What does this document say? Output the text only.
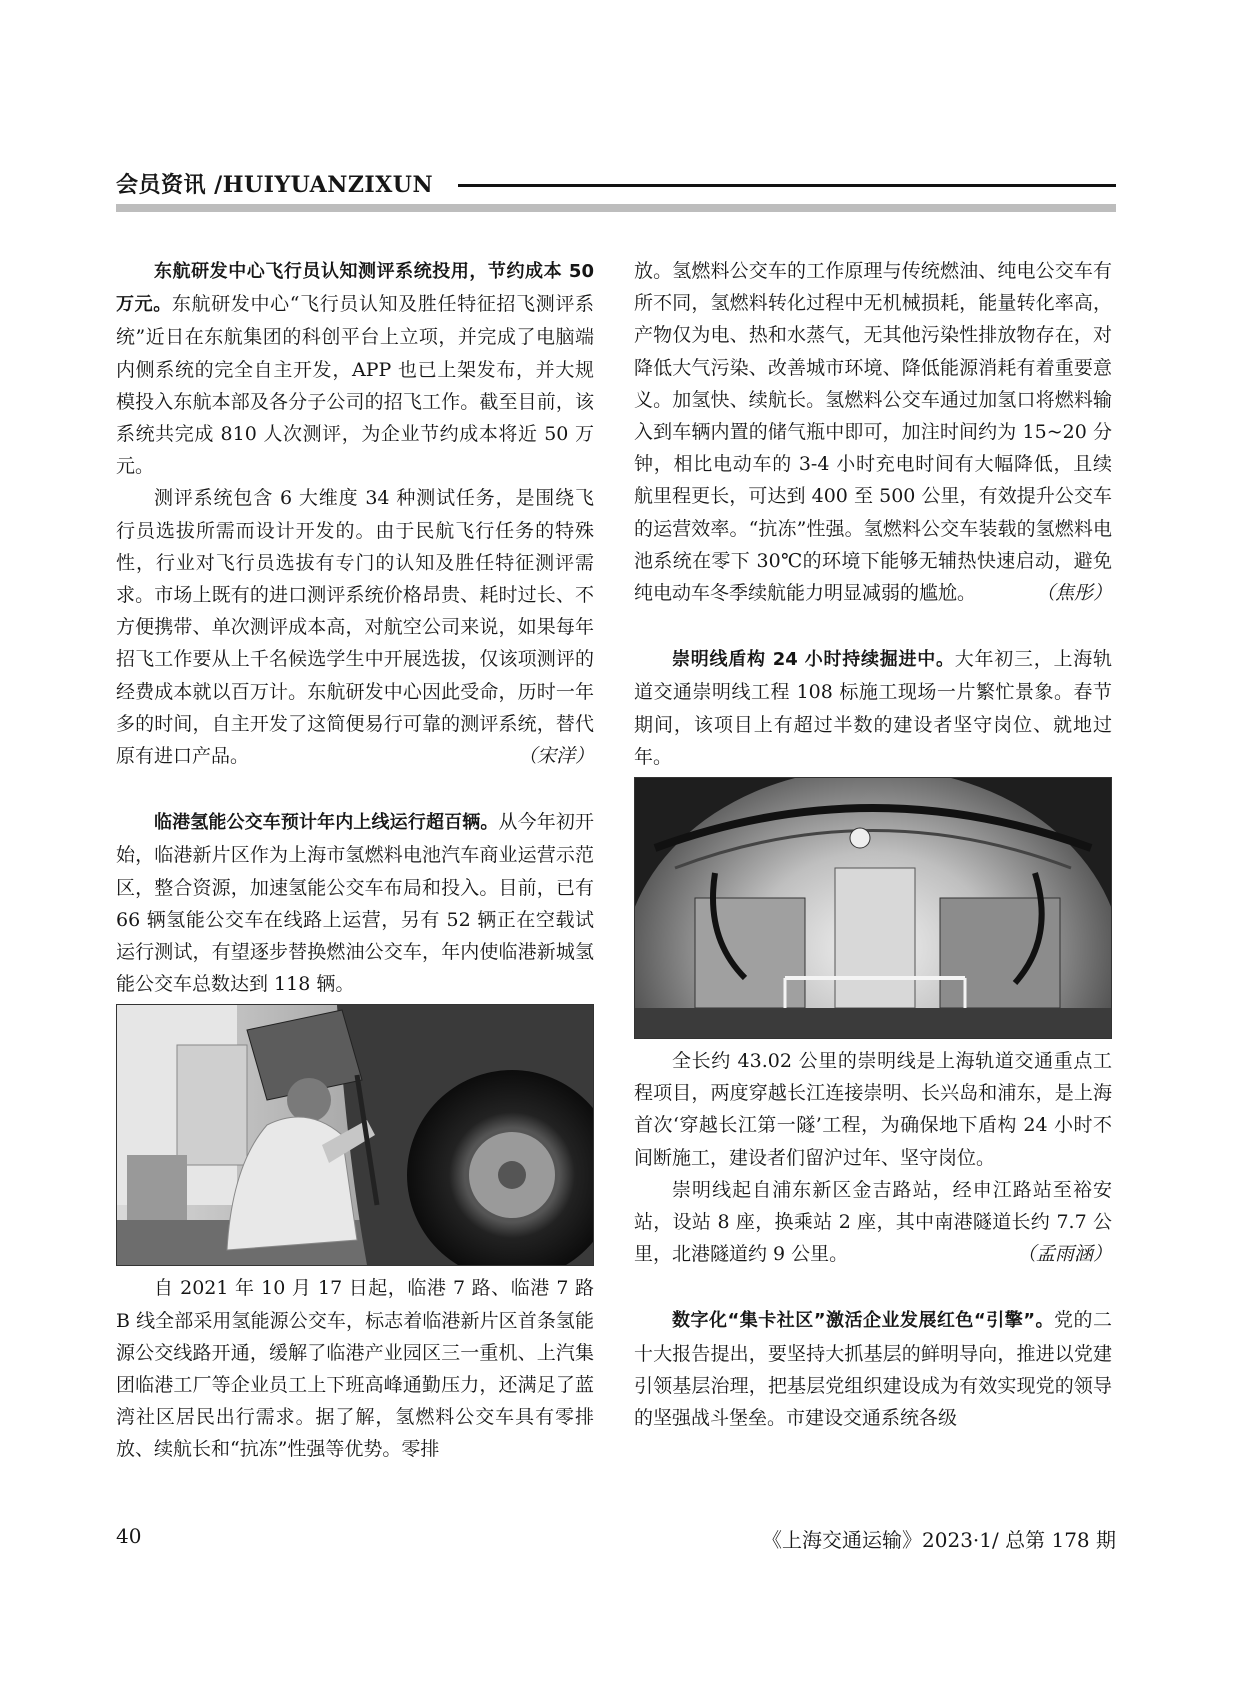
会员资讯 /HUIYUANZIXUN

东航研发中心飞行员认知测评系统投用，节约成本 50 万元。东航研发中心“飞行员认知及胜任特征招飞测评系统”近日在东航集团的科创平台上立项，并完成了电脑端内侧系统的完全自主开发，APP 也已上架发布，并大规模投入东航本部及各分子公司的招飞工作。截至目前，该系统共完成 810 人次测评，为企业节约成本将近 50 万元。

测评系统包含 6 大维度 34 种测试任务，是围绕飞行员选拔所需而设计开发的。由于民航飞行任务的特殊性，行业对飞行员选拔有专门的认知及胜任特征测评需求。市场上既有的进口测评系统价格昂贵、耗时过长、不方便携带、单次测评成本高，对航空公司来说，如果每年招飞工作要从上千名候选学生中开展选拔，仅该项测评的经费成本就以百万计。东航研发中心因此受命，历时一年多的时间，自主开发了这简便易行可靠的测评系统，替代原有进口产品。	（宋洋）

临港氢能公交车预计年内上线运行超百辆。从今年初开始，临港新片区作为上海市氢燃料电池汽车商业运营示范区，整合资源，加速氢能公交车布局和投入。目前，已有 66 辆氢能公交车在线路上运营，另有 52 辆正在空载试运行测试，有望逐步替换燃油公交车，年内使临港新城氢能公交车总数达到 118 辆。

自 2021 年 10 月 17 日起，临港 7 路、临港 7 路 B 线全部采用氢能源公交车，标志着临港新片区首条氢能源公交线路开通，缓解了临港产业园区三一重机、上汽集团临港工厂等企业员工上下班高峰通勤压力，还满足了蓝湾社区居民出行需求。据了解，氢燃料公交车具有零排放、续航长和“抗冻”性强等优势。零排

放。氢燃料公交车的工作原理与传统燃油、纯电公交车有所不同，氢燃料转化过程中无机械损耗，能量转化率高，产物仅为电、热和水蒸气，无其他污染性排放物存在，对降低大气污染、改善城市环境、降低能源消耗有着重要意义。加氢快、续航长。氢燃料公交车通过加氢口将燃料输入到车辆内置的储气瓶中即可，加注时间约为 15~20 分钟，相比电动车的 3-4 小时充电时间有大幅降低，且续航里程更长，可达到 400 至 500 公里，有效提升公交车的运营效率。“抗冻”性强。氢燃料公交车装载的氢燃料电池系统在零下 30℃的环境下能够无辅热快速启动，避免纯电动车冬季续航能力明显减弱的尴尬。	（焦彤）

崇明线盾构 24 小时持续掘进中。大年初三，上海轨道交通崇明线工程 108 标施工现场一片繁忙景象。春节期间，该项目上有超过半数的建设者坚守岗位、就地过年。

全长约 43.02 公里的崇明线是上海轨道交通重点工程项目，两度穿越长江连接崇明、长兴岛和浦东，是上海首次‘穿越长江第一隧’工程，为确保地下盾构 24 小时不间断施工，建设者们留沪过年、坚守岗位。

崇明线起自浦东新区金吉路站，经申江路站至裕安站，设站 8 座，换乘站 2 座，其中南港隧道长约 7.7 公里，北港隧道约 9 公里。	（孟雨涵）

数字化“集卡社区”激活企业发展红色“引擎”。党的二十大报告提出，要坚持大抓基层的鲜明导向，推进以党建引领基层治理，把基层党组织建设成为有效实现党的领导的坚强战斗堡垒。市建设交通系统各级

40	《上海交通运输》2023·1/ 总第 178 期
